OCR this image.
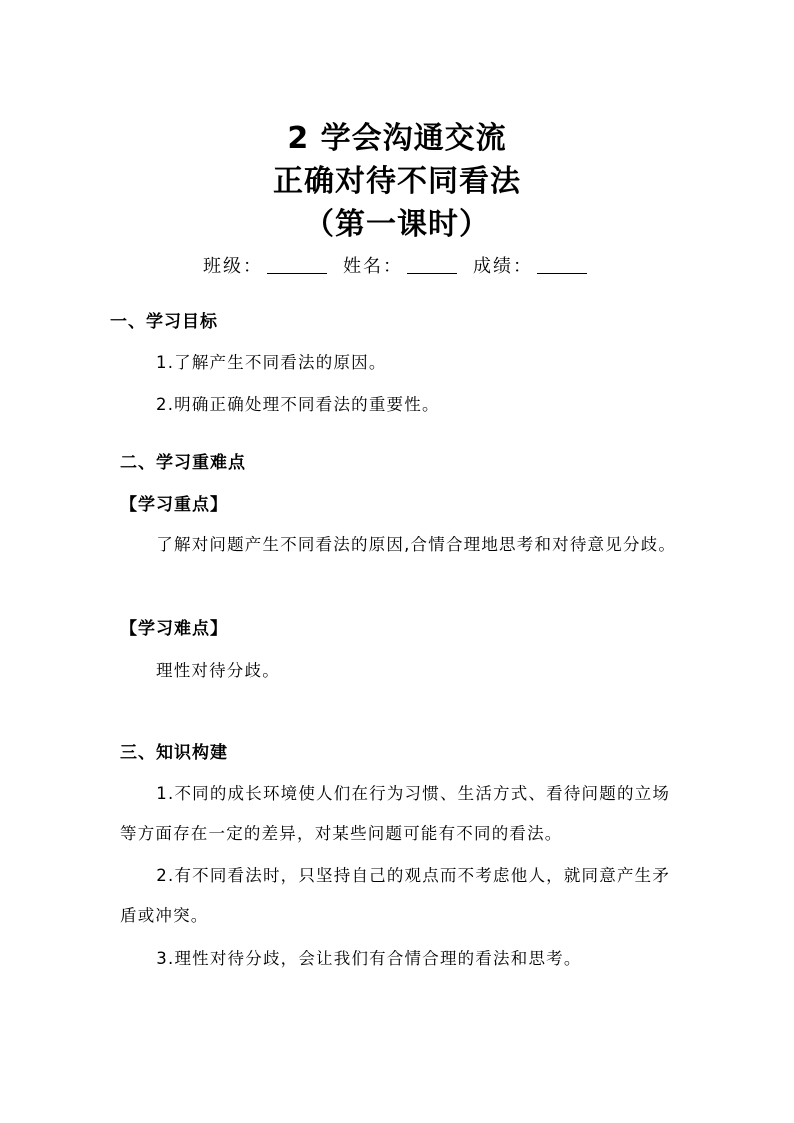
2 学会沟通交流

正确对待不同看法

（第一课时）

班级：	姓名：	成绩：
一、学习目标
1.了解产生不同看法的原因。
2.明确正确处理不同看法的重要性。
二、学习重难点
【学习重点】

了解对问题产生不同看法的原因,合情合理地思考和对待意见分歧。

【学习难点】
理性对待分歧。
三、知识构建

1.不同的成长环境使人们在行为习惯、生活方式、看待问题的立场等方面存在一定的差异，对某些问题可能有不同的看法。

2.有不同看法时，只坚持自己的观点而不考虑他人，就同意产生矛盾或冲突。

3.理性对待分歧，会让我们有合情合理的看法和思考。
